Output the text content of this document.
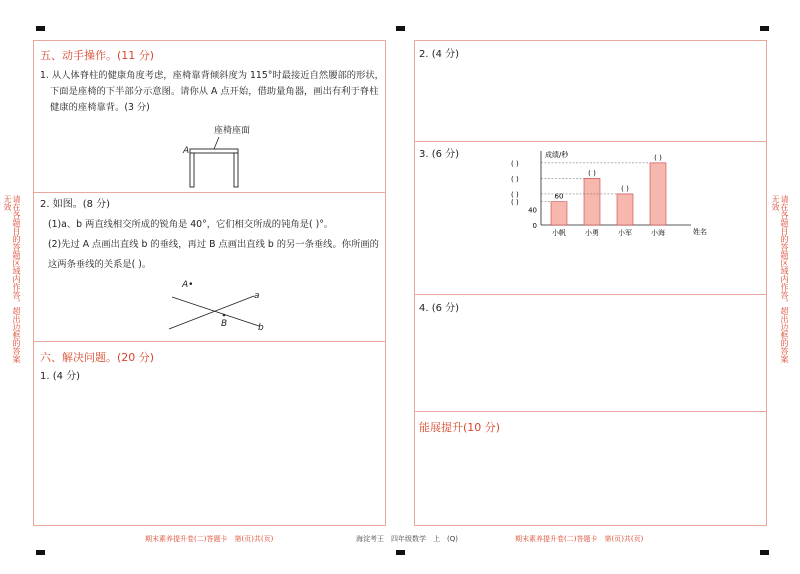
请在各题目的答题区域内作答，超出边框的答案无效	请在各题目的答题区域内作答，超出边框的答案无效
五、动手操作。(11 分)
1. 从人体脊柱的健康角度考虑，座椅靠背倾斜度为 115°时最接近自然腰部的形状，
下面是座椅的下半部分示意图。请你从 A 点开始，借助量角器，画出有利于脊柱
健康的座椅靠背。(3 分)
座椅座面
A
2. 如图。(8 分)
(1)a、b 两直线相交所成的锐角是 40°，它们相交所成的钝角是( )°。
(2)先过 A 点画出直线 b 的垂线，再过 B 点画出直线 b 的另一条垂线。你所画的
这两条垂线的关系是( )。
A•
a
b
B
六、解决问题。(20 分)
1. (4 分)
2. (4 分)
3. (6 分)	成绩/秒
姓名
0
40
( )
( )
( )
( )
60
小帆
( )
小勇
( )
小军
( )
小海
4. (6 分)
能展提升(10 分)
期末素养提升卷(二)答题卡　第(页)共(页)	海淀考王　四年级数学　上　(Q)	期末素养提升卷(二)答题卡　第(页)共(页)
